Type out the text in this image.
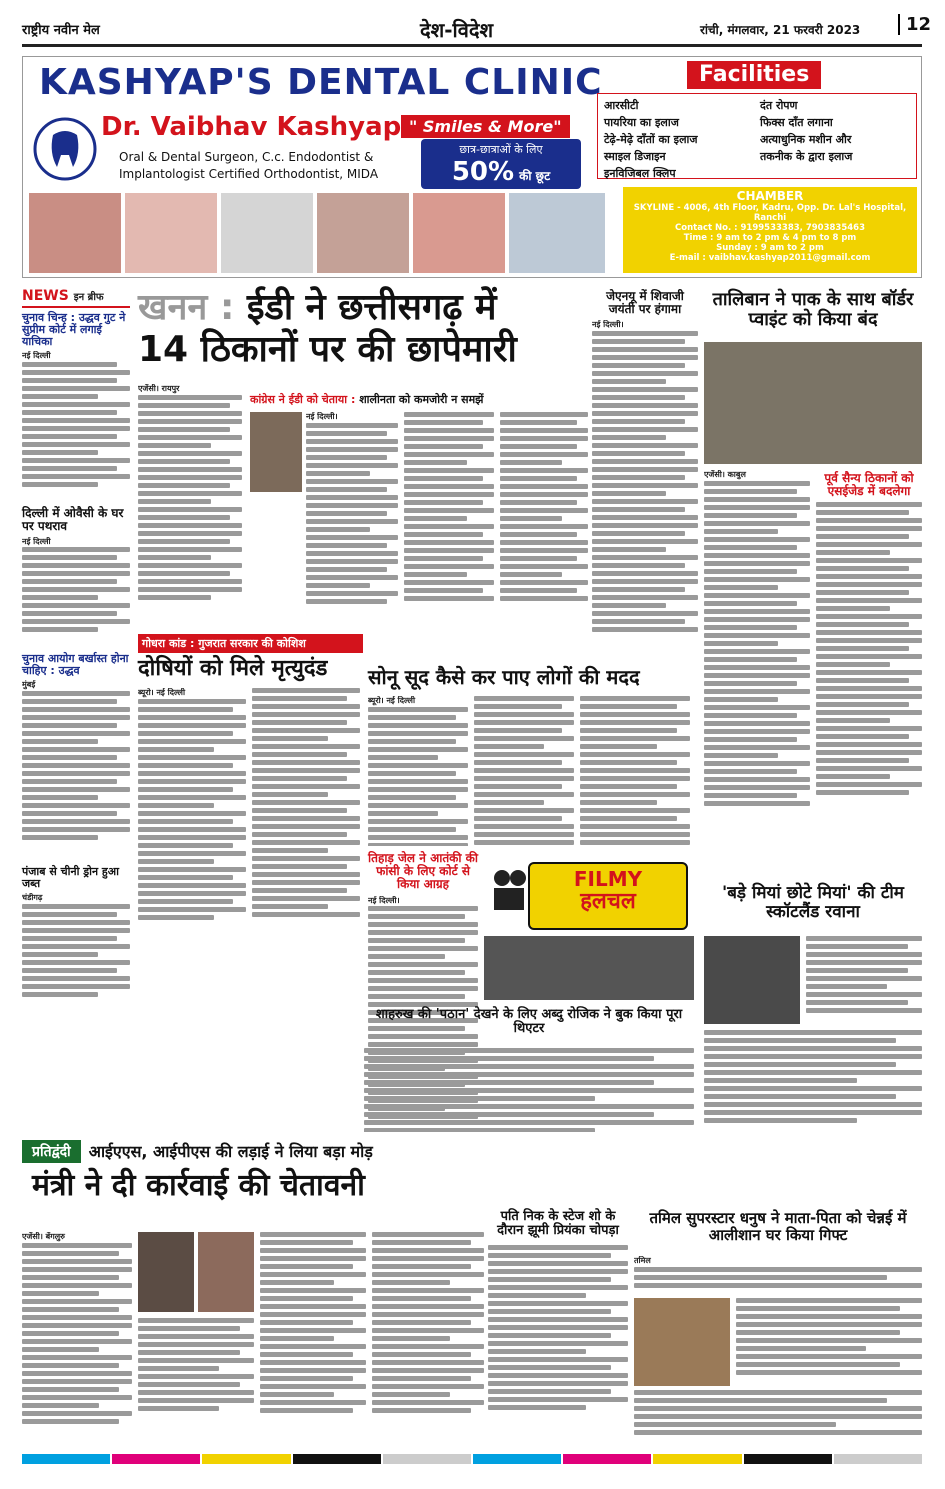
राष्ट्रीय नवीन मेल	देश-विदेश	रांची, मंगलवार, 21 फरवरी 2023	12
KASHYAP'S DENTAL CLINIC
Dr. Vaibhav Kashyap " Smiles & More"
Oral & Dental Surgeon, C.c. Endodontist &
Implantologist Certified Orthodontist, MIDA
छात्र-छात्राओं के लिए
50% की छूट
Facilities
आरसीटी	दंत रोपण
पायरिया का इलाज	फिक्स दाँत लगाना
टेढ़े-मेढ़े दाँतों का इलाज	अत्याधुनिक मशीन और
स्माइल डिजाइन	तकनीक के द्वारा इलाज
इनविजिबल क्लिप
CHAMBER
SKYLINE - 4006, 4th Floor, Kadru, Opp. Dr. Lal's Hospital, Ranchi
Contact No. : 9199533383, 7903835463
Time : 9 am to 2 pm & 4 pm to 8 pm
Sunday : 9 am to 2 pm
E-mail : vaibhav.kashyap2011@gmail.com
NEWS इन ब्रीफ
चुनाव चिन्ह : उद्धव गुट ने सुप्रीम कोर्ट में लगाई याचिका
नई दिल्ली
दिल्ली में ओवैसी के घर पर पथराव
नई दिल्ली
चुनाव आयोग बर्खास्त होना चाहिए : उद्धव
मुंबई
पंजाब से चीनी ड्रोन हुआ जब्त
चंडीगढ़
खनन : ईडी ने छत्तीसगढ़ में
14 ठिकानों पर की छापेमारी
एजेंसी। रायपुर
कांग्रेस ने ईडी को चेताया : शालीनता को कमजोरी न समझें
नई दिल्ली।
गोधरा कांड : गुजरात सरकार की कोशिश
दोषियों को मिले मृत्युदंड
ब्यूरो। नई दिल्ली
सोनू सूद कैसे कर पाए लोगों की मदद
ब्यूरो। नई दिल्ली
तिहाड़ जेल ने आतंकी की फांसी के लिए कोर्ट से किया आग्रह
नई दिल्ली।
FILMY
हलचल
शाहरुख की 'पठान' देखने के लिए अब्दु रोजिक ने बुक किया पूरा थिएटर
जेएनयू में शिवाजी जयंती पर हंगामा
नई दिल्ली।
तालिबान ने पाक के साथ बॉर्डर प्वाइंट को किया बंद
एजेंसी। काबुल	पूर्व सैन्य ठिकानों को एसईजेड में बदलेगा
'बड़े मियां छोटे मियां' की टीम स्कॉटलैंड रवाना
प्रतिद्वंदी	आईएएस, आईपीएस की लड़ाई ने लिया बड़ा मोड़
मंत्री ने दी कार्रवाई की चेतावनी
एजेंसी। बेंगलुरु
पति निक के स्टेज शो के दौरान झूमी प्रियंका चोपड़ा
तमिल सुपरस्टार धनुष ने माता-पिता को चेन्नई में आलीशान घर किया गिफ्ट
तमिल
